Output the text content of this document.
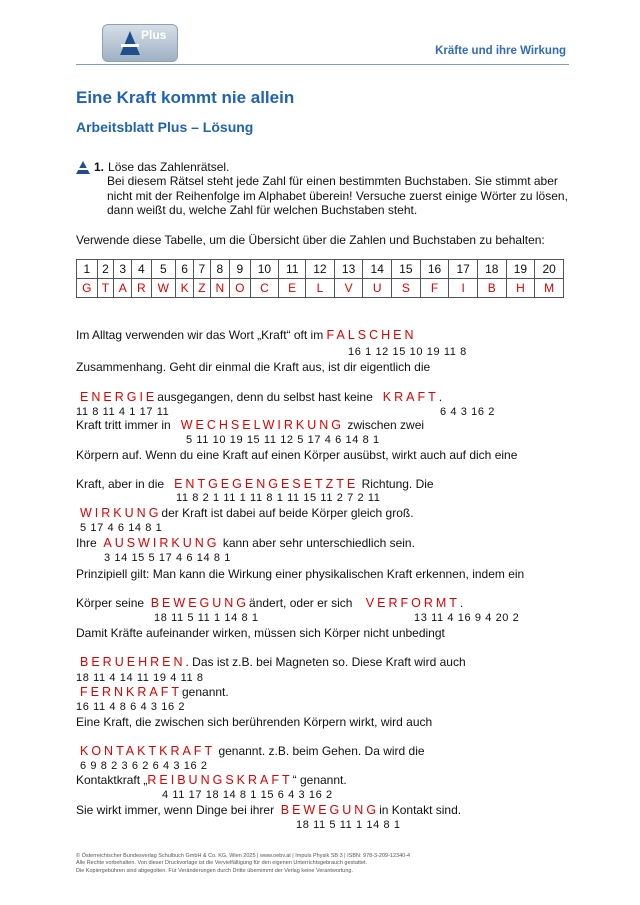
Plus
Kräfte und ihre Wirkung
Eine Kraft kommt nie allein
Arbeitsblatt Plus – Lösung
1. Löse das Zahlenrätsel.
Bei diesem Rätsel steht jede Zahl für einen bestimmten Buchstaben. Sie stimmt aber nicht mit der Reihenfolge im Alphabet überein! Versuche zuerst einige Wörter zu lösen, dann weißt du, welche Zahl für welchen Buchstaben steht.
Verwende diese Tabelle, um die Übersicht über die Zahlen und Buchstaben zu behalten:
1	2	3	4	5	6	7	8	9	10	11	12	13	14	15	16	17	18	19	20
G	T	A	R	W	K	Z	N	O	C	E	L	V	U	S	F	I	B	H	M
Im Alltag verwenden wir das Wort „Kraft“ oft im FALSCHEN
16 1 12 15 10 19 11 8
Zusammenhang. Geht dir einmal die Kraft aus, ist dir eigentlich die
ENERGIEausgegangen, denn du selbst hast keine KRAFT.
11 8 11 4 1 17 11	6 4 3 16 2
Kraft tritt immer in WECHSELWIRKUNG zwischen zwei
5 11 10 19 15 11 12 5 17 4 6 14 8 1
Körpern auf. Wenn du eine Kraft auf einen Körper ausübst, wirkt auch auf dich eine
Kraft, aber in die ENTGEGENGESETZTE Richtung. Die
11 8 2 1 11 1 11 8 1 11 15 11 2 7 2 11
WIRKUNGder Kraft ist dabei auf beide Körper gleich groß.
5 17 4 6 14 8 1
Ihre AUSWIRKUNG kann aber sehr unterschiedlich sein.
3 14 15 5 17 4 6 14 8 1
Prinzipiell gilt: Man kann die Wirkung einer physikalischen Kraft erkennen, indem ein
Körper seine BEWEGUNGändert, oder er sich VERFORMT.
18 11 5 11 1 14 8 1	13 11 4 16 9 4 20 2
Damit Kräfte aufeinander wirken, müssen sich Körper nicht unbedingt
BERUEHREN. Das ist z.B. bei Magneten so. Diese Kraft wird auch
18 11 4 14 11 19 4 11 8
FERNKRAFTgenannt.
16 11 4 8 6 4 3 16 2
Eine Kraft, die zwischen sich berührenden Körpern wirkt, wird auch
KONTAKTKRAFT genannt. z.B. beim Gehen. Da wird die
6 9 8 2 3 6 2 6 4 3 16 2
Kontaktkraft „REIBUNGSKRAFT“ genannt.
4 11 17 18 14 8 1 15 6 4 3 16 2
Sie wirkt immer, wenn Dinge bei ihrer BEWEGUNGin Kontakt sind.
18 11 5 11 1 14 8 1
© Österreichischer Bundesverlag Schulbuch GmbH & Co. KG, Wien 2025 | www.oebv.at | Impuls Physik SB 3 | ISBN: 978-3-209-12340-4
Alle Rechte vorbehalten. Von dieser Druckvorlage ist die Vervielfältigung für den eigenen Unterrichtsgebrauch gestattet.
Die Kopiergebühren sind abgegolten. Für Veränderungen durch Dritte übernimmt der Verlag keine Verantwortung.
